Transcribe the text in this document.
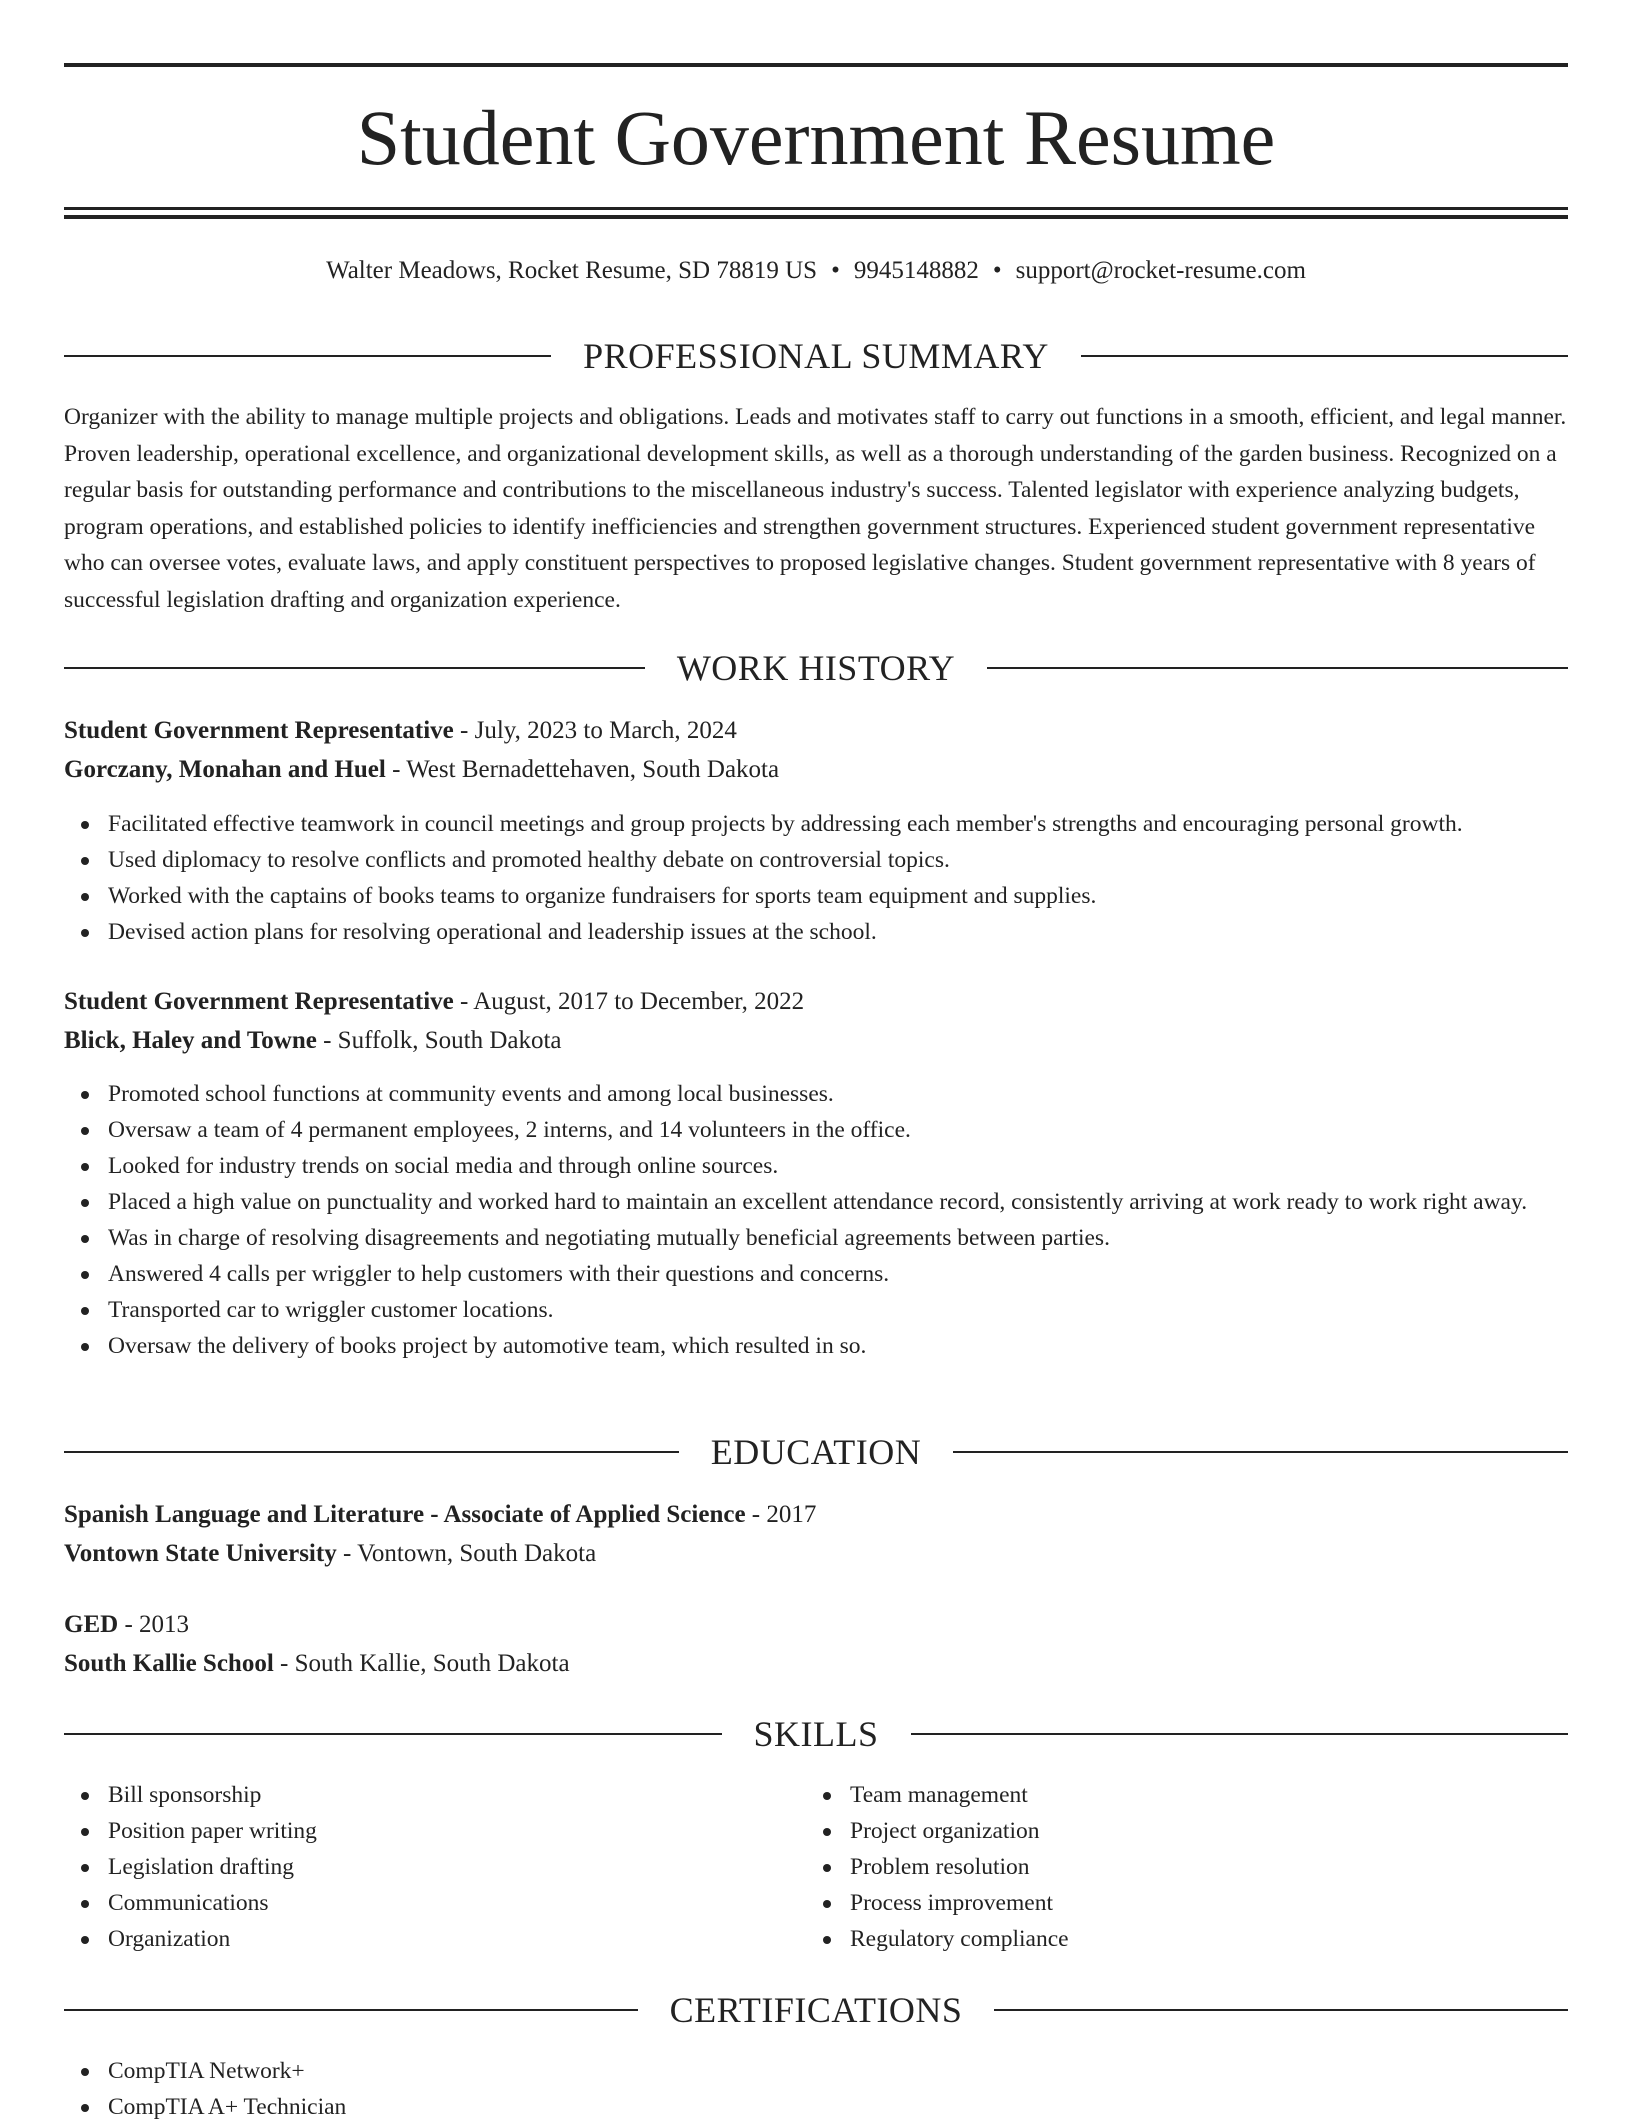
Student Government Resume
Walter Meadows, Rocket Resume, SD 78819 US • 9945148882 • support@rocket-resume.com
PROFESSIONAL SUMMARY

Organizer with the ability to manage multiple projects and obligations. Leads and motivates staff to carry out functions in a smooth, efficient, and legal manner. Proven leadership, operational excellence, and organizational development skills, as well as a thorough understanding of the garden business. Recognized on a regular basis for outstanding performance and contributions to the miscellaneous industry's success. Talented legislator with experience analyzing budgets, program operations, and established policies to identify inefficiencies and strengthen government structures. Experienced student government representative who can oversee votes, evaluate laws, and apply constituent perspectives to proposed legislative changes. Student government representative with 8 years of successful legislation drafting and organization experience.

WORK HISTORY
Student Government Representative - July, 2023 to March, 2024
Gorczany, Monahan and Huel - West Bernadettehaven, South Dakota
Facilitated effective teamwork in council meetings and group projects by addressing each member's strengths and encouraging personal growth.
Used diplomacy to resolve conflicts and promoted healthy debate on controversial topics.
Worked with the captains of books teams to organize fundraisers for sports team equipment and supplies.
Devised action plans for resolving operational and leadership issues at the school.
Student Government Representative - August, 2017 to December, 2022
Blick, Haley and Towne - Suffolk, South Dakota
Promoted school functions at community events and among local businesses.
Oversaw a team of 4 permanent employees, 2 interns, and 14 volunteers in the office.
Looked for industry trends on social media and through online sources.
Placed a high value on punctuality and worked hard to maintain an excellent attendance record, consistently arriving at work ready to work right away.
Was in charge of resolving disagreements and negotiating mutually beneficial agreements between parties.
Answered 4 calls per wriggler to help customers with their questions and concerns.
Transported car to wriggler customer locations.
Oversaw the delivery of books project by automotive team, which resulted in so.
EDUCATION
Spanish Language and Literature - Associate of Applied Science - 2017
Vontown State University - Vontown, South Dakota
GED - 2013
South Kallie School - South Kallie, South Dakota
SKILLS
Bill sponsorship
Position paper writing
Legislation drafting
Communications
Organization
Team management
Project organization
Problem resolution
Process improvement
Regulatory compliance
CERTIFICATIONS
CompTIA Network+
CompTIA A+ Technician
